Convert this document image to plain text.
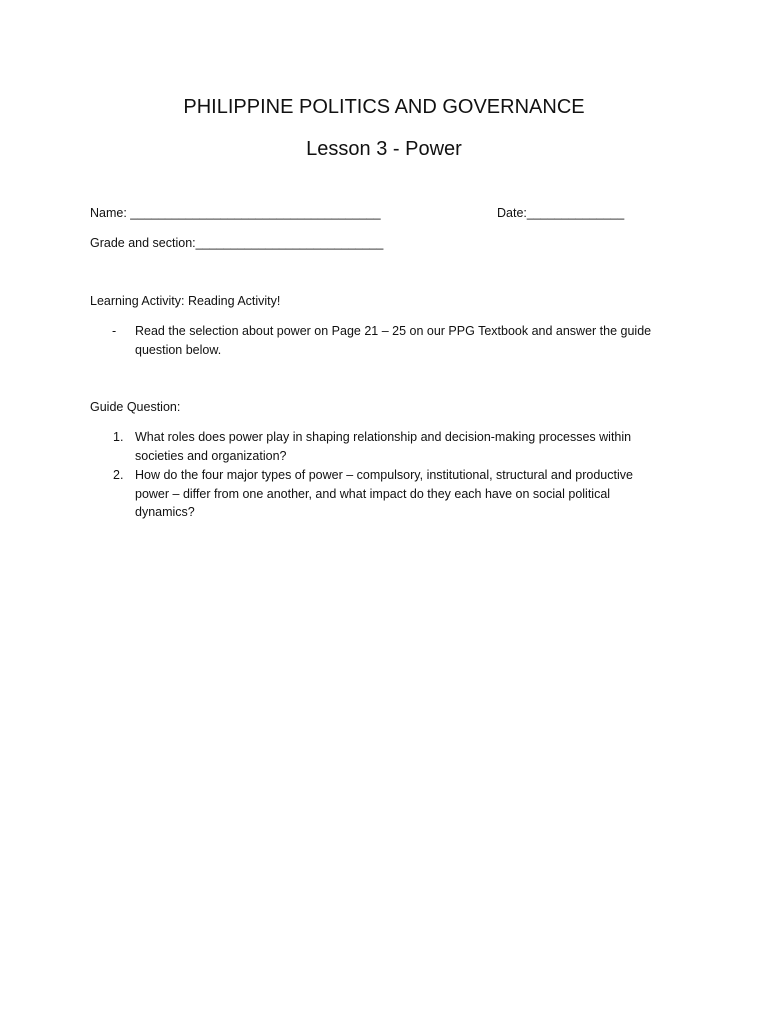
PHILIPPINE POLITICS AND GOVERNANCE
Lesson 3 - Power
Name: ____________________________________	Date:______________
Grade and section:___________________________
Learning Activity: Reading Activity!
- Read the selection about power on Page 21 – 25 on our PPG Textbook and answer the guide question below.
Guide Question:
1. What roles does power play in shaping relationship and decision-making processes within societies and organization?
2. How do the four major types of power – compulsory, institutional, structural and productive power – differ from one another, and what impact do they each have on social political dynamics?
